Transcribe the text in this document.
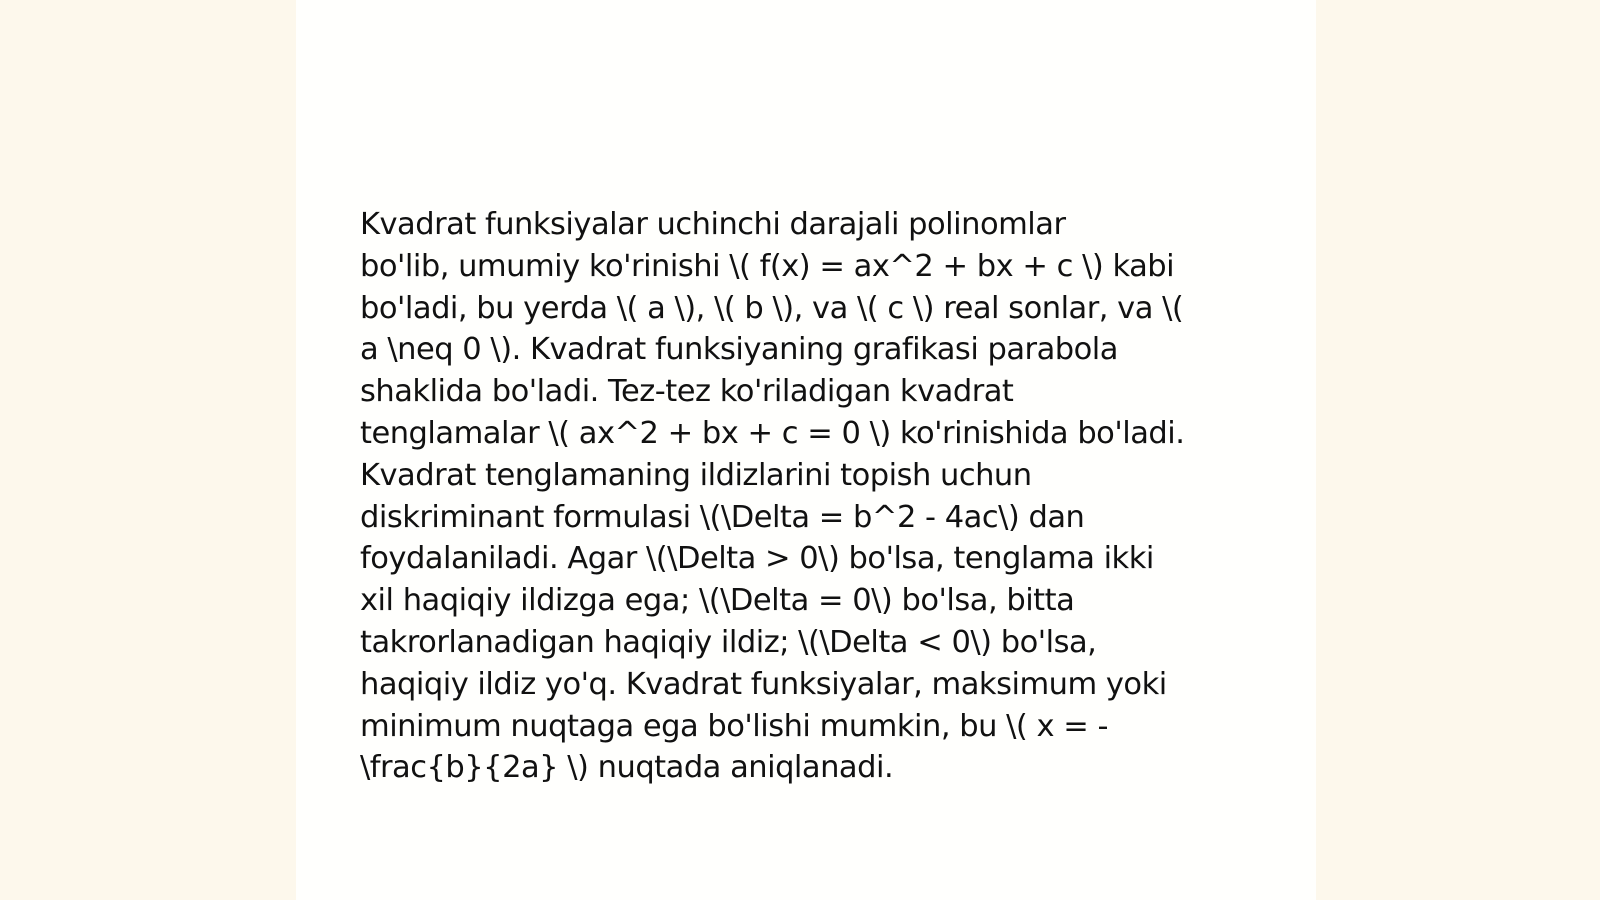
Kvadrat funksiyalar uchinchi darajali polinomlar
bo'lib, umumiy ko'rinishi \( f(x) = ax^2 + bx + c \) kabi
bo'ladi, bu yerda \( a \), \( b \), va \( c \) real sonlar, va \(
a \neq 0 \). Kvadrat funksiyaning grafikasi parabola
shaklida bo'ladi. Tez-tez ko'riladigan kvadrat
tenglamalar \( ax^2 + bx + c = 0 \) ko'rinishida bo'ladi.
Kvadrat tenglamaning ildizlarini topish uchun
diskriminant formulasi \(\Delta = b^2 - 4ac\) dan
foydalaniladi. Agar \(\Delta > 0\) bo'lsa, tenglama ikki
xil haqiqiy ildizga ega; \(\Delta = 0\) bo'lsa, bitta
takrorlanadigan haqiqiy ildiz; \(\Delta < 0\) bo'lsa,
haqiqiy ildiz yo'q. Kvadrat funksiyalar, maksimum yoki
minimum nuqtaga ega bo'lishi mumkin, bu \( x = -
\frac{b}{2a} \) nuqtada aniqlanadi.
